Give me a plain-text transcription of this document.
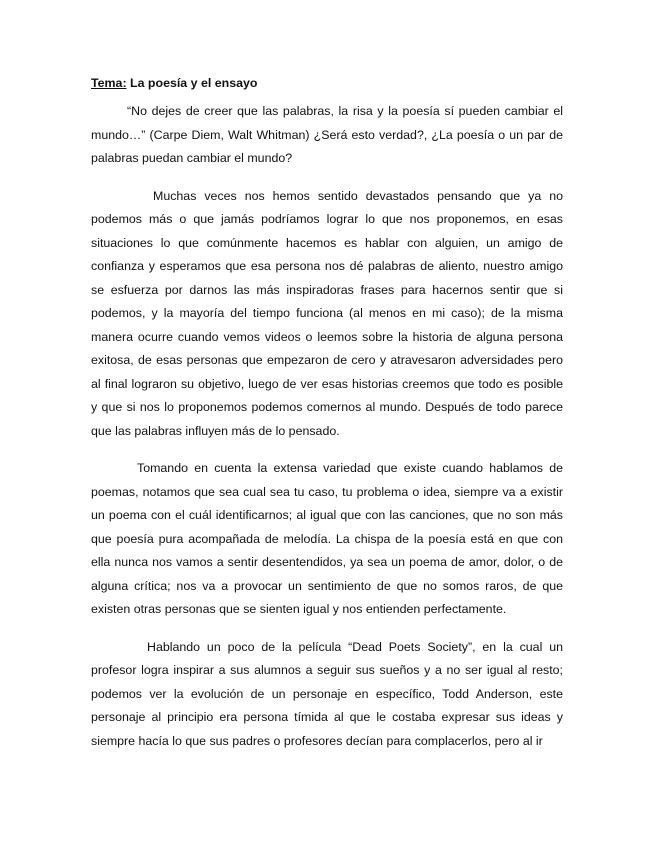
Tema: La poesía y el ensayo

“No dejes de creer que las palabras, la risa y la poesía sí pueden cambiar el mundo…” (Carpe Diem, Walt Whitman) ¿Será esto verdad?, ¿La poesía o un par de palabras puedan cambiar el mundo?

Muchas veces nos hemos sentido devastados pensando que ya no podemos más o que jamás podríamos lograr lo que nos proponemos, en esas situaciones lo que comúnmente hacemos es hablar con alguien, un amigo de confianza y esperamos que esa persona nos dé palabras de aliento, nuestro amigo se esfuerza por darnos las más inspiradoras frases para hacernos sentir que si podemos, y la mayoría del tiempo funciona (al menos en mi caso); de la misma manera ocurre cuando vemos videos o leemos sobre la historia de alguna persona exitosa, de esas personas que empezaron de cero y atravesaron adversidades pero al final lograron su objetivo, luego de ver esas historias creemos que todo es posible y que si nos lo proponemos podemos comernos al mundo. Después de todo parece que las palabras influyen más de lo pensado.

Tomando en cuenta la extensa variedad que existe cuando hablamos de poemas, notamos que sea cual sea tu caso, tu problema o idea, siempre va a existir un poema con el cuál identificarnos; al igual que con las canciones, que no son más que poesía pura acompañada de melodía. La chispa de la poesía está en que con ella nunca nos vamos a sentir desentendidos, ya sea un poema de amor, dolor, o de alguna crítica; nos va a provocar un sentimiento de que no somos raros, de que existen otras personas que se sienten igual y nos entienden perfectamente.

Hablando un poco de la película “Dead Poets Society”, en la cual un profesor logra inspirar a sus alumnos a seguir sus sueños y a no ser igual al resto; podemos ver la evolución de un personaje en específico, Todd Anderson, este personaje al principio era persona tímida al que le costaba expresar sus ideas y siempre hacía lo que sus padres o profesores decían para complacerlos, pero al ir
